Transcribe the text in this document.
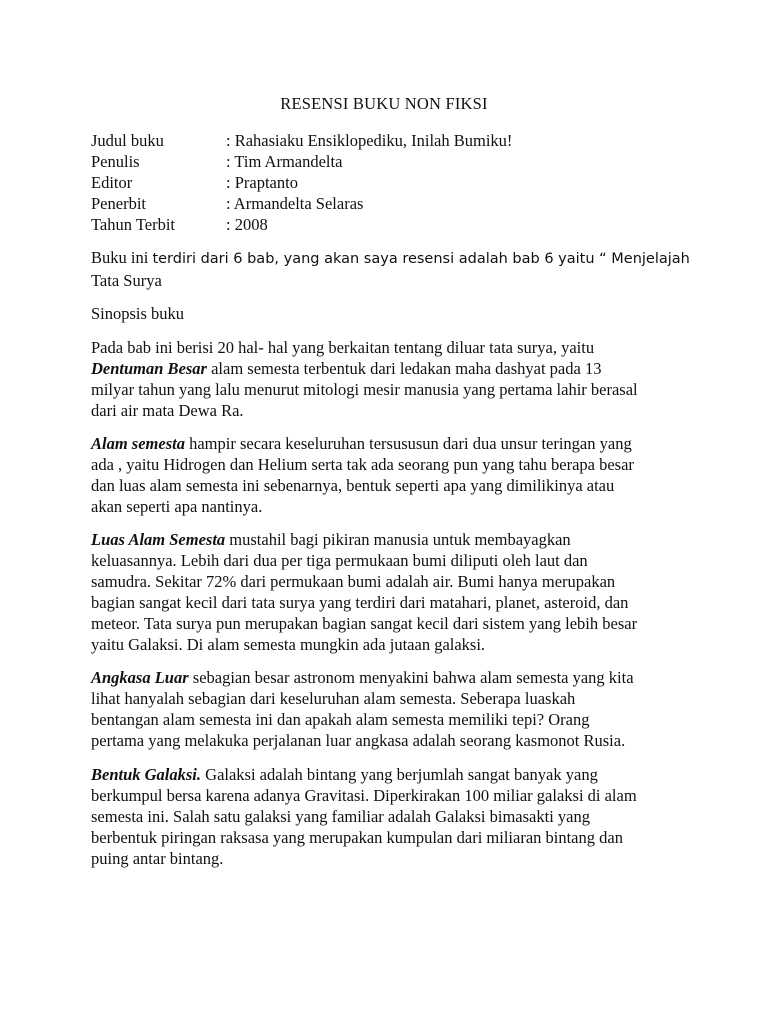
RESENSI BUKU NON FIKSI
Judul buku	: Rahasiaku Ensiklopediku, Inilah Bumiku!
Penulis	: Tim Armandelta
Editor	: Praptanto
Penerbit	: Armandelta Selaras
Tahun Terbit	: 2008
Buku ini terdiri dari 6 bab, yang akan saya resensi adalah bab 6 yaitu “ Menjelajah
Tata Surya
Sinopsis buku
Pada bab ini berisi 20 hal- hal yang berkaitan tentang diluar tata surya, yaitu
Dentuman Besar alam semesta terbentuk dari ledakan maha dashyat pada 13
milyar tahun yang lalu menurut mitologi mesir manusia yang pertama lahir berasal
dari air mata Dewa Ra.
Alam semesta hampir secara keseluruhan tersususun dari dua unsur teringan yang
ada , yaitu Hidrogen dan Helium serta tak ada seorang pun yang tahu berapa besar
dan luas alam semesta ini sebenarnya, bentuk seperti apa yang dimilikinya atau
akan seperti apa nantinya.
Luas Alam Semesta mustahil bagi pikiran manusia untuk membayagkan
keluasannya. Lebih dari dua per tiga permukaan bumi diliputi oleh laut dan
samudra. Sekitar 72% dari permukaan bumi adalah air. Bumi hanya merupakan
bagian sangat kecil dari tata surya yang terdiri dari matahari, planet, asteroid, dan
meteor. Tata surya pun merupakan bagian sangat kecil dari sistem yang lebih besar
yaitu Galaksi. Di alam semesta mungkin ada jutaan galaksi.
Angkasa Luar sebagian besar astronom menyakini bahwa alam semesta yang kita
lihat hanyalah sebagian dari keseluruhan alam semesta. Seberapa luaskah
bentangan alam semesta ini dan apakah alam semesta memiliki tepi? Orang
pertama yang melakuka perjalanan luar angkasa adalah seorang kasmonot Rusia.
Bentuk Galaksi. Galaksi adalah bintang yang berjumlah sangat banyak yang
berkumpul bersa karena adanya Gravitasi. Diperkirakan 100 miliar galaksi di alam
semesta ini. Salah satu galaksi yang familiar adalah Galaksi bimasakti yang
berbentuk piringan raksasa yang merupakan kumpulan dari miliaran bintang dan
puing antar bintang.
